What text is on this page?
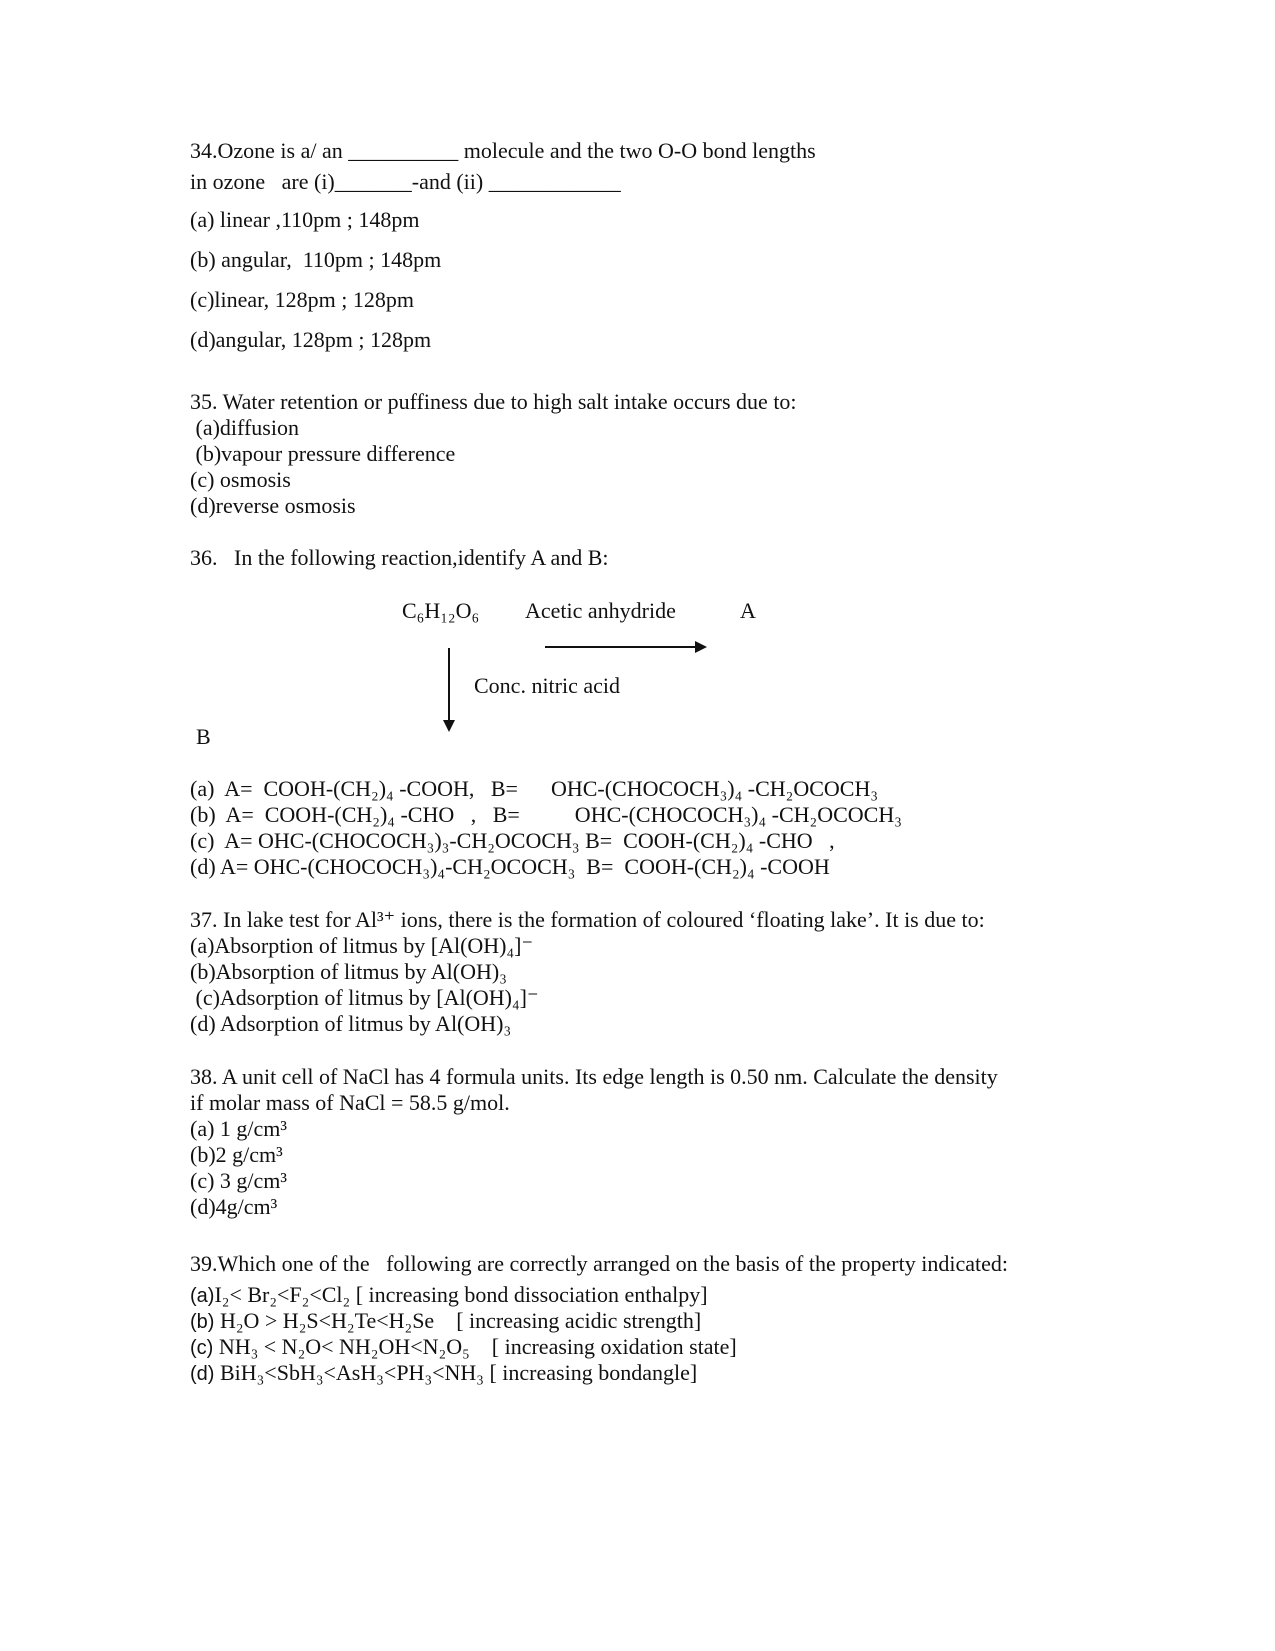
34.Ozone is a/ an __________ molecule and the two O-O bond lengths
in ozone   are (i)_______-and (ii) ____________
(a) linear ,110pm ; 148pm
(b) angular,  110pm ; 148pm
(c)linear, 128pm ; 128pm
(d)angular, 128pm ; 128pm
35. Water retention or puffiness due to high salt intake occurs due to:
(a)diffusion
(b)vapour pressure difference
(c) osmosis
(d)reverse osmosis
36.   In the following reaction,identify A and B:
C₆H₁₂O₆ Acetic anhydride	A
Conc. nitric acid
B
(a)  A=  COOH-(CH₂)₄ -COOH,   B=      OHC-(CHOCOCH₃)₄ -CH₂OCOCH₃
(b)  A=  COOH-(CH₂)₄ -CHO   ,   B=          OHC-(CHOCOCH₃)₄ -CH₂OCOCH₃
(c)  A= OHC-(CHOCOCH₃)₃-CH₂OCOCH₃ B=  COOH-(CH₂)₄ -CHO   ,
(d) A= OHC-(CHOCOCH₃)₄-CH₂OCOCH₃  B=  COOH-(CH₂)₄ -COOH
37. In lake test for Al³⁺ ions, there is the formation of coloured ‘floating lake’. It is due to:
(a)Absorption of litmus by [Al(OH)₄]⁻
(b)Absorption of litmus by Al(OH)₃
(c)Adsorption of litmus by [Al(OH)₄]⁻
(d) Adsorption of litmus by Al(OH)₃
38. A unit cell of NaCl has 4 formula units. Its edge length is 0.50 nm. Calculate the density
if molar mass of NaCl = 58.5 g/mol.
(a) 1 g/cm³
(b)2 g/cm³
(c) 3 g/cm³
(d)4g/cm³
39.Which one of the   following are correctly arranged on the basis of the property indicated:
(a)I₂< Br₂<F₂<Cl₂ [ increasing bond dissociation enthalpy]
(b) H₂O > H₂S<H₂Te<H₂Se    [ increasing acidic strength]
(c) NH₃ < N₂O< NH₂OH<N₂O₅    [ increasing oxidation state]
(d) BiH₃<SbH₃<AsH₃<PH₃<NH₃ [ increasing bondangle]
